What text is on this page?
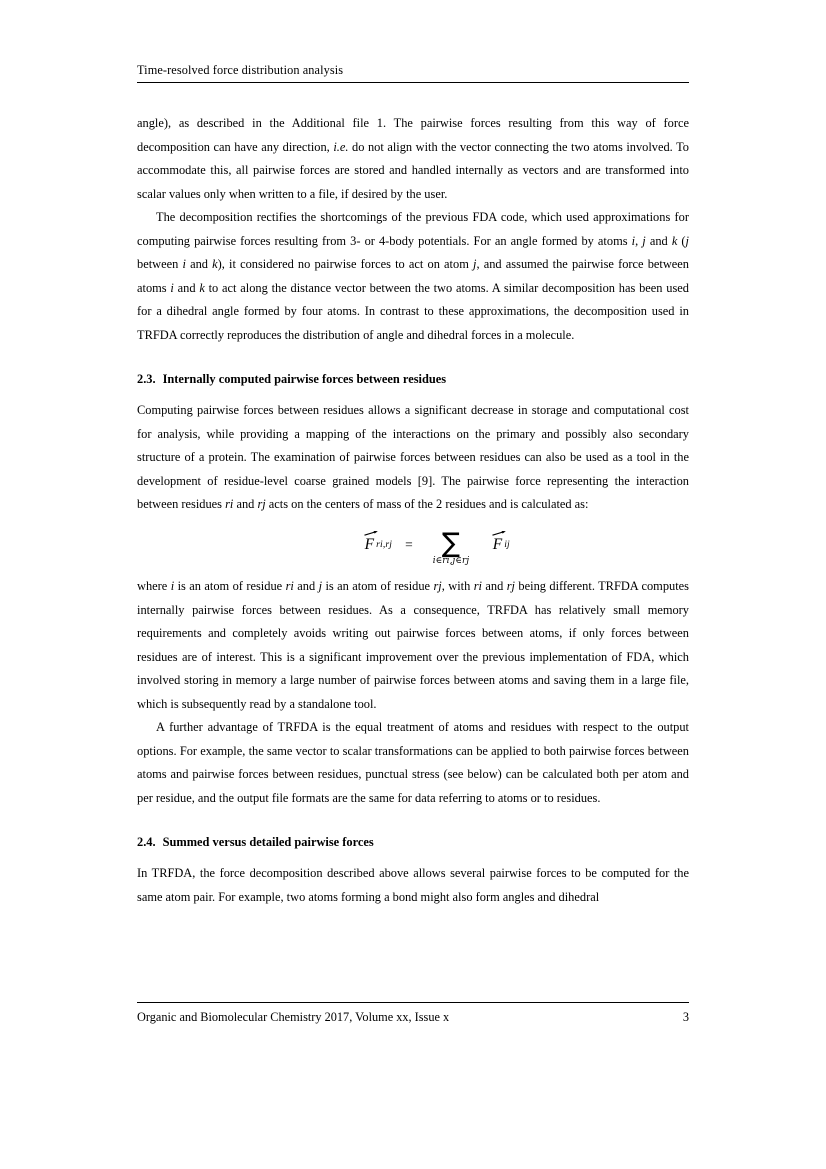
Time-resolved force distribution analysis

angle), as described in the Additional file 1. The pairwise forces resulting from this way of force decomposition can have any direction, i.e. do not align with the vector connecting the two atoms involved. To accommodate this, all pairwise forces are stored and handled internally as vectors and are transformed into scalar values only when written to a file, if desired by the user.

The decomposition rectifies the shortcomings of the previous FDA code, which used approximations for computing pairwise forces resulting from 3- or 4-body potentials. For an angle formed by atoms i, j and k (j between i and k), it considered no pairwise forces to act on atom j, and assumed the pairwise force between atoms i and k to act along the distance vector between the two atoms. A similar decomposition has been used for a dihedral angle formed by four atoms. In contrast to these approximations, the decomposition used in TRFDA correctly reproduces the distribution of angle and dihedral forces in a molecule.

2.3. Internally computed pairwise forces between residues

Computing pairwise forces between residues allows a significant decrease in storage and computational cost for analysis, while providing a mapping of the interactions on the primary and possibly also secondary structure of a protein. The examination of pairwise forces between residues can also be used as a tool in the development of residue-level coarse grained models [9]. The pairwise force representing the interaction between residues ri and rj acts on the centers of mass of the 2 residues and is calculated as:

F ri,rj =	∑
i∈ri,j∈rj
F ij

where i is an atom of residue ri and j is an atom of residue rj, with ri and rj being different. TRFDA computes internally pairwise forces between residues. As a consequence, TRFDA has relatively small memory requirements and completely avoids writing out pairwise forces between atoms, if only forces between residues are of interest. This is a significant improvement over the previous implementation of FDA, which involved storing in memory a large number of pairwise forces between atoms and saving them in a large file, which is subsequently read by a standalone tool.

A further advantage of TRFDA is the equal treatment of atoms and residues with respect to the output options. For example, the same vector to scalar transformations can be applied to both pairwise forces between atoms and pairwise forces between residues, punctual stress (see below) can be calculated both per atom and per residue, and the output file formats are the same for data referring to atoms or to residues.

2.4. Summed versus detailed pairwise forces

In TRFDA, the force decomposition described above allows several pairwise forces to be computed for the same atom pair. For example, two atoms forming a bond might also form angles and dihedral

Organic and Biomolecular Chemistry 2017, Volume xx, Issue x	3
